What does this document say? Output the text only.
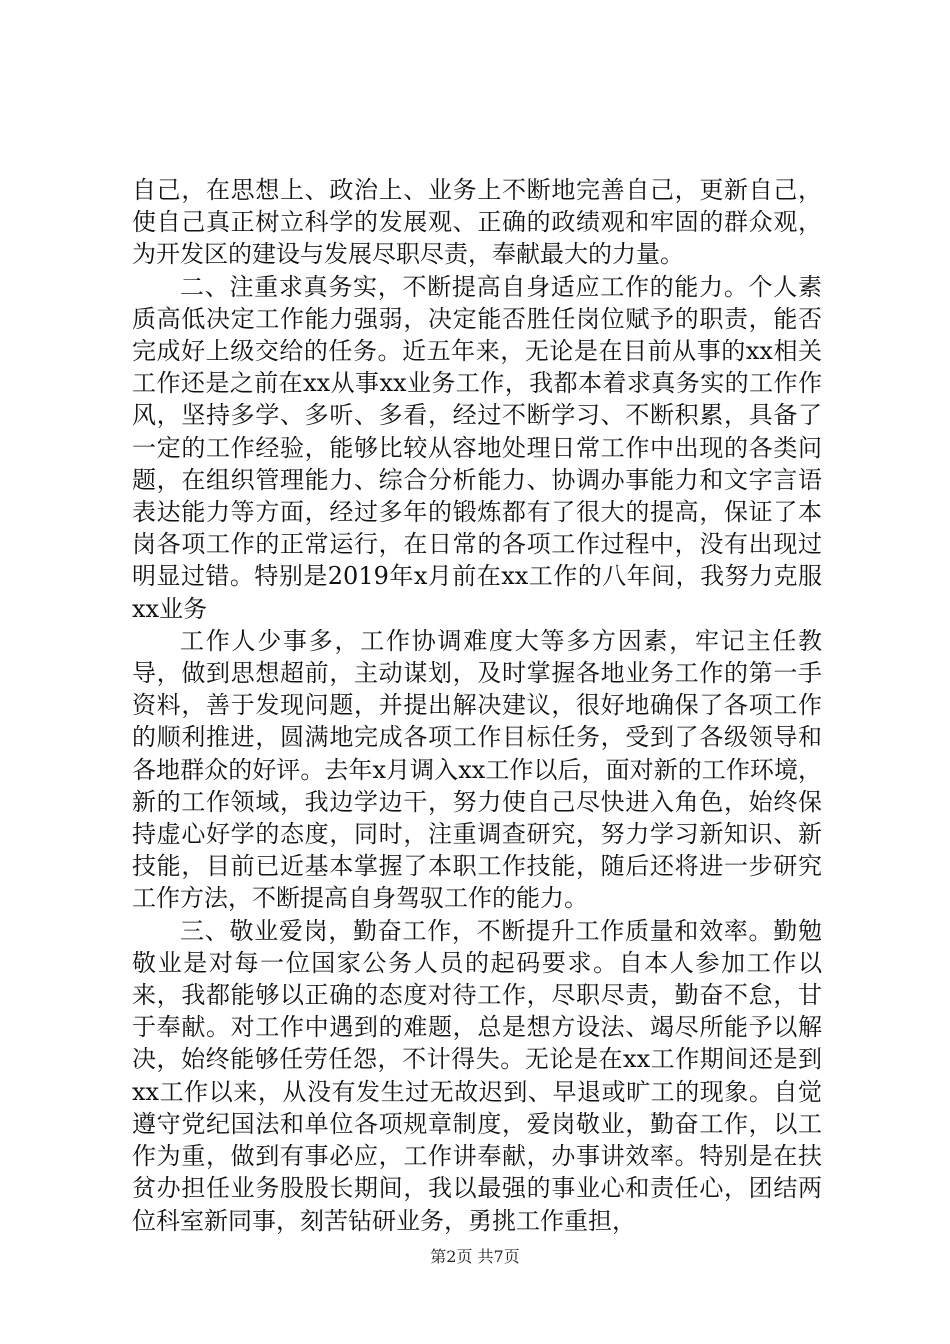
自己，在思想上、政治上、业务上不断地完善自己，更新自己，使自己真正树立科学的发展观、正确的政绩观和牢固的群众观，为开发区的建设与发展尽职尽责，奉献最大的力量。

二、注重求真务实，不断提高自身适应工作的能力。个人素质高低决定工作能力强弱，决定能否胜任岗位赋予的职责，能否完成好上级交给的任务。近五年来，无论是在目前从事的xx相关工作还是之前在xx从事xx业务工作，我都本着求真务实的工作作风，坚持多学、多听、多看，经过不断学习、不断积累，具备了一定的工作经验，能够比较从容地处理日常工作中出现的各类问题，在组织管理能力、综合分析能力、协调办事能力和文字言语表达能力等方面，经过多年的锻炼都有了很大的提高，保证了本岗各项工作的正常运行，在日常的各项工作过程中，没有出现过明显过错。特别是2019年x月前在xx工作的八年间，我努力克服xx业务

工作人少事多，工作协调难度大等多方因素，牢记主任教导，做到思想超前，主动谋划，及时掌握各地业务工作的第一手资料，善于发现问题，并提出解决建议，很好地确保了各项工作的顺利推进，圆满地完成各项工作目标任务，受到了各级领导和各地群众的好评。去年x月调入xx工作以后，面对新的工作环境，新的工作领域，我边学边干，努力使自己尽快进入角色，始终保持虚心好学的态度，同时，注重调查研究，努力学习新知识、新技能，目前已近基本掌握了本职工作技能，随后还将进一步研究工作方法，不断提高自身驾驭工作的能力。

三、敬业爱岗，勤奋工作，不断提升工作质量和效率。勤勉敬业是对每一位国家公务人员的起码要求。自本人参加工作以来，我都能够以正确的态度对待工作，尽职尽责，勤奋不怠，甘于奉献。对工作中遇到的难题，总是想方设法、竭尽所能予以解决，始终能够任劳任怨，不计得失。无论是在xx工作期间还是到xx工作以来，从没有发生过无故迟到、早退或旷工的现象。自觉遵守党纪国法和单位各项规章制度，爱岗敬业，勤奋工作，以工作为重，做到有事必应，工作讲奉献，办事讲效率。特别是在扶贫办担任业务股股长期间，我以最强的事业心和责任心，团结两位科室新同事，刻苦钻研业务，勇挑工作重担，

第2页 共7页
